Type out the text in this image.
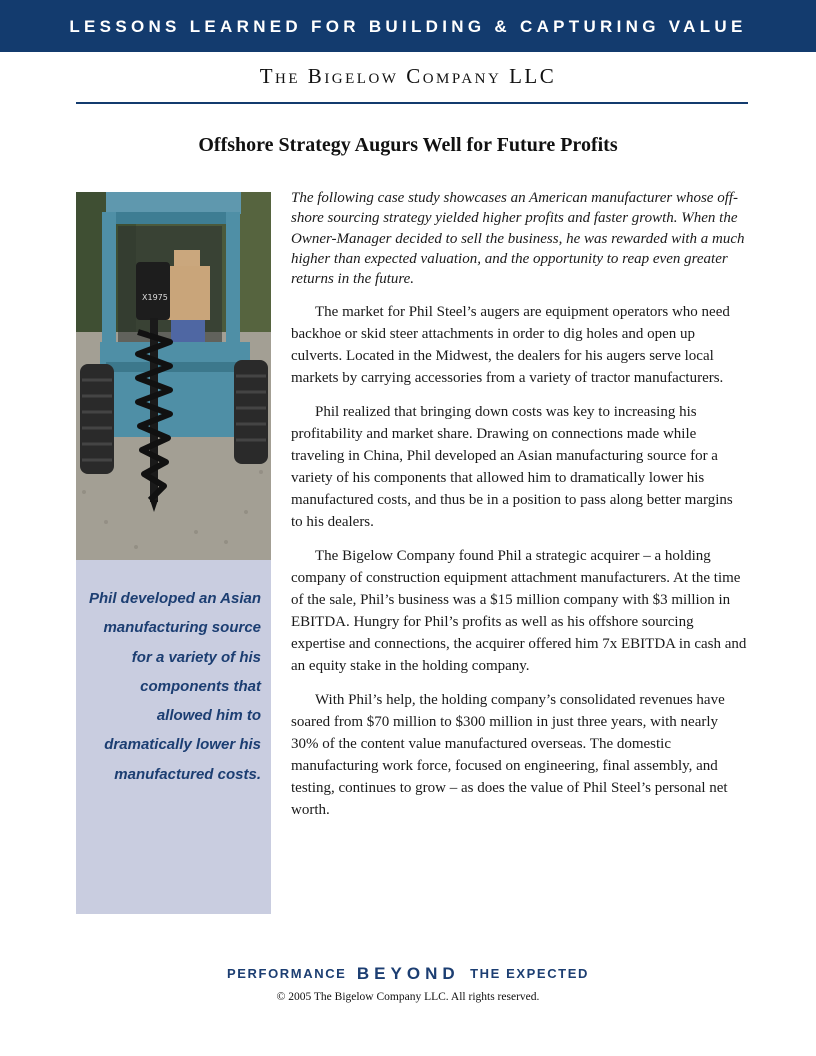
LESSONS LEARNED FOR BUILDING & CAPTURING VALUE
The Bigelow Company LLC
Offshore Strategy Augurs Well for Future Profits
X1975
Phil developed an Asian manufacturing source for a variety of his components that allowed him to dramatically lower his manufactured costs.

The following case study showcases an American manufacturer whose off-shore sourcing strategy yielded higher profits and faster growth. When the Owner-Manager decided to sell the business, he was rewarded with a much higher than expected valuation, and the opportunity to reap even greater returns in the future.

The market for Phil Steel’s augers are equipment operators who need backhoe or skid steer attachments in order to dig holes and open up culverts. Located in the Midwest, the dealers for his augers serve local markets by carrying accessories from a variety of tractor manufacturers.

Phil realized that bringing down costs was key to increasing his profitability and market share. Drawing on connections made while traveling in China, Phil developed an Asian manufacturing source for a variety of his components that allowed him to dramatically lower his manufactured costs, and thus be in a position to pass along better margins to his dealers.

The Bigelow Company found Phil a strategic acquirer – a holding company of construction equipment attachment manufacturers. At the time of the sale, Phil’s business was a $15 million company with $3 million in EBITDA. Hungry for Phil’s profits as well as his offshore sourcing expertise and connections, the acquirer offered him 7x EBITDA in cash and an equity stake in the holding company.

With Phil’s help, the holding company’s consolidated revenues have soared from $70 million to $300 million in just three years, with nearly 30% of the content value manufactured overseas. The domestic manufacturing work force, focused on engineering, final assembly, and testing, continues to grow – as does the value of Phil Steel’s personal net worth.

PERFORMANCE BEYOND THE EXPECTED
© 2005 The Bigelow Company LLC. All rights reserved.
